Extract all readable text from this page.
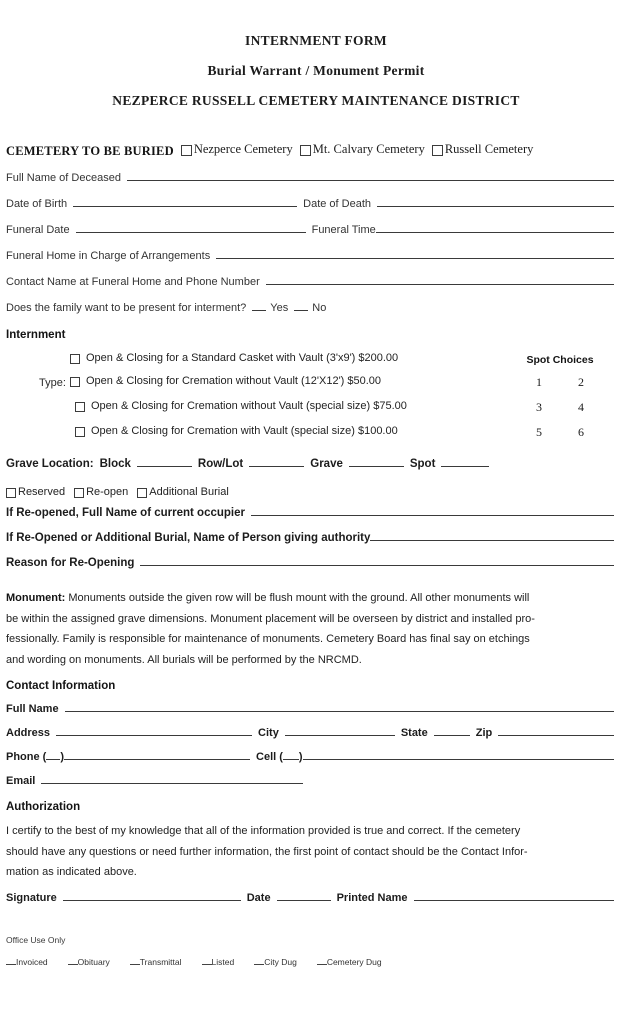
INTERNMENT FORM
Burial Warrant / Monument Permit
NEZPERCE RUSSELL CEMETERY MAINTENANCE DISTRICT
CEMETERY TO BE BURIED Nezperce Cemetery Mt. Calvary Cemetery Russell Cemetery
Full Name of Deceased
Date of Birth	Date of Death
Funeral Date	Funeral Time
Funeral Home in Charge of Arrangements
Contact Name at Funeral Home and Phone Number
Does the family want to be present for interment? Yes No
Internment
Open & Closing for a Standard Casket with Vault (3'x9') $200.00	Spot Choices
Type:	Open & Closing for Cremation without Vault (12'X12') $50.00	1	2
Open & Closing for Cremation without Vault (special size) $75.00	3	4
Open & Closing for Cremation with Vault (special size) $100.00	5	6
Grave Location: Block	Row/Lot	Grave	Spot
Reserved Re-open Additional Burial
If Re-opened, Full Name of current occupier
If Re-Opened or Additional Burial, Name of Person giving authority
Reason for Re-Opening
Monument: Monuments outside the given row will be flush mount with the ground. All other monuments will
be within the assigned grave dimensions. Monument placement will be overseen by district and installed pro-
fessionally. Family is responsible for maintenance of monuments. Cemetery Board has final say on etchings
and wording on monuments. All burials will be performed by the NRCMD.
Contact Information
Full Name
Address	City	State	Zip
Phone ( )	Cell ( )
Email
Authorization
I certify to the best of my knowledge that all of the information provided is true and correct. If the cemetery
should have any questions or need further information, the first point of contact should be the Contact Infor-
mation as indicated above.
Signature	Date	Printed Name
Office Use Only
Invoiced	Obituary	Transmittal	Listed	City Dug	Cemetery Dug
